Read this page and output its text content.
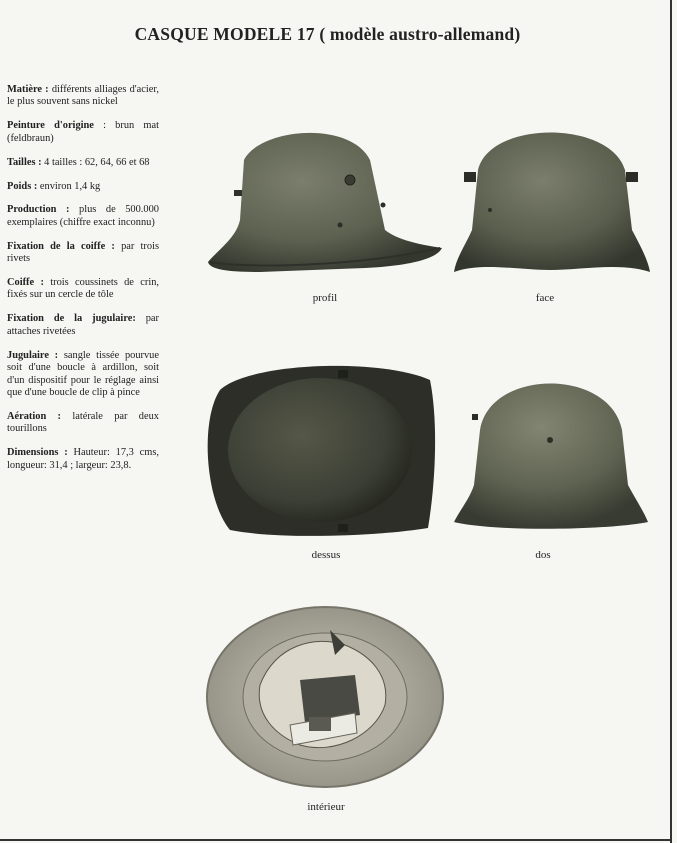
CASQUE MODELE 17 ( modèle austro-allemand)

Matière : différents alliages d'acier, le plus souvent sans nickel

Peinture d'origine : brun mat (feldbraun)

Tailles : 4 tailles : 62, 64, 66 et 68

Poids : environ 1,4 kg

Production : plus de 500.000 exemplaires (chiffre exact inconnu)

Fixation de la coiffe : par trois rivets

Coiffe : trois coussinets de crin, fixés sur un cercle de tôle

Fixation de la jugulaire: par attaches rivetées

Jugulaire : sangle tissée pourvue soit d'une boucle à ardillon, soit d'un dispositif pour le réglage ainsi que d'une boucle de clip à pince

Aération : latérale par deux tourillons

Dimensions : Hauteur: 17,3 cms, longueur: 31,4 ; largeur: 23,8.

profil	face
dessus	dos
intérieur
